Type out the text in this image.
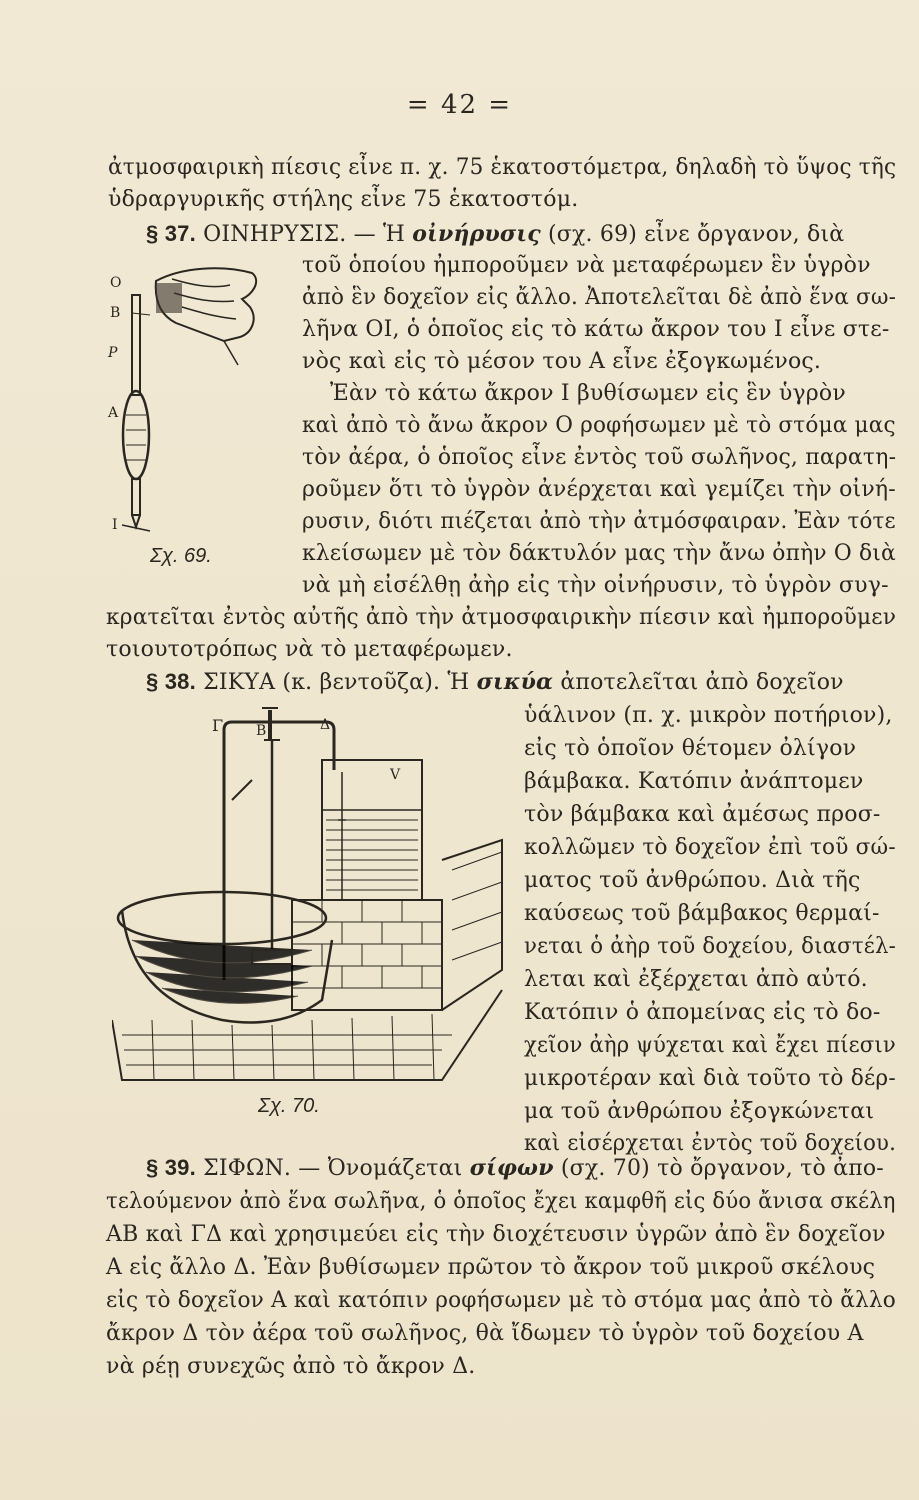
= 42 =
ἀτμοσφαιρικὴ πίεσις εἶνε π. χ. 75 ἑκατοστόμετρα, δηλαδὴ τὸ ὕψος τῆς
ὑδραργυρικῆς στήλης εἶνε 75 ἑκατοστόμ.
§ 37. ΟΙΝΗΡΥΣΙΣ. — Ἡ οἰνήρυσις (σχ. 69) εἶνε ὄργανον, διὰ
τοῦ ὁποίου ἠμποροῦμεν νὰ μεταφέρωμεν ἓν ὑγρὸν
ἀπὸ ἓν δοχεῖον εἰς ἄλλο. Ἀποτελεῖται δὲ ἀπὸ ἕνα σω-
λῆνα ΟΙ, ὁ ὁποῖος εἰς τὸ κάτω ἄκρον του Ι εἶνε στε-
νὸς καὶ εἰς τὸ μέσον του Α εἶνε ἐξογκωμένος.
Ἐὰν τὸ κάτω ἄκρον Ι βυθίσωμεν εἰς ἓν ὑγρὸν
καὶ ἀπὸ τὸ ἄνω ἄκρον Ο ροφήσωμεν μὲ τὸ στόμα μας
τὸν ἀέρα, ὁ ὁποῖος εἶνε ἐντὸς τοῦ σωλῆνος, παρατη-
ροῦμεν ὅτι τὸ ὑγρὸν ἀνέρχεται καὶ γεμίζει τὴν οἰνή-
ρυσιν, διότι πιέζεται ἀπὸ τὴν ἀτμόσφαιραν. Ἐὰν τότε
κλείσωμεν μὲ τὸν δάκτυλόν μας τὴν ἄνω ὀπὴν Ο διὰ
νὰ μὴ εἰσέλθῃ ἀὴρ εἰς τὴν οἰνήρυσιν, τὸ ὑγρὸν συγ-
κρατεῖται ἐντὸς αὐτῆς ἀπὸ τὴν ἀτμοσφαιρικὴν πίεσιν καὶ ἠμποροῦμεν
τοιουτοτρόπως νὰ τὸ μεταφέρωμεν.
O
B
P
A
I
Σχ. 69.
§ 38. ΣΙΚΥΑ (κ. βεντοῦζα). Ἡ σικύα ἀποτελεῖται ἀπὸ δοχεῖον
ὑάλινον (π. χ. μικρὸν ποτήριον),
εἰς τὸ ὁποῖον θέτομεν ὀλίγον
βάμβακα. Κατόπιν ἀνάπτομεν
τὸν βάμβακα καὶ ἀμέσως προσ-
κολλῶμεν τὸ δοχεῖον ἐπὶ τοῦ σώ-
ματος τοῦ ἀνθρώπου. Διὰ τῆς
καύσεως τοῦ βάμβακος θερμαί-
νεται ὁ ἀὴρ τοῦ δοχείου, διαστέλ-
λεται καὶ ἐξέρχεται ἀπὸ αὐτό.
Κατόπιν ὁ ἀπομείνας εἰς τὸ δο-
χεῖον ἀὴρ ψύχεται καὶ ἔχει πίεσιν
μικροτέραν καὶ διὰ τοῦτο τὸ δέρ-
μα τοῦ ἀνθρώπου ἐξογκώνεται
καὶ εἰσέρχεται ἐντὸς τοῦ δοχείου.
Γ Β	Δ
V
Σχ. 70.
§ 39. ΣΙΦΩΝ. — Ὀνομάζεται σίφων (σχ. 70) τὸ ὄργανον, τὸ ἀπο-
τελούμενον ἀπὸ ἕνα σωλῆνα, ὁ ὁποῖος ἔχει καμφθῆ εἰς δύο ἄνισα σκέλη
ΑΒ καὶ ΓΔ καὶ χρησιμεύει εἰς τὴν διοχέτευσιν ὑγρῶν ἀπὸ ἓν δοχεῖον
Α εἰς ἄλλο Δ. Ἐὰν βυθίσωμεν πρῶτον τὸ ἄκρον τοῦ μικροῦ σκέλους
εἰς τὸ δοχεῖον Α καὶ κατόπιν ροφήσωμεν μὲ τὸ στόμα μας ἀπὸ τὸ ἄλλο
ἄκρον Δ τὸν ἀέρα τοῦ σωλῆνος, θὰ ἴδωμεν τὸ ὑγρὸν τοῦ δοχείου Α
νὰ ρέῃ συνεχῶς ἀπὸ τὸ ἄκρον Δ.
